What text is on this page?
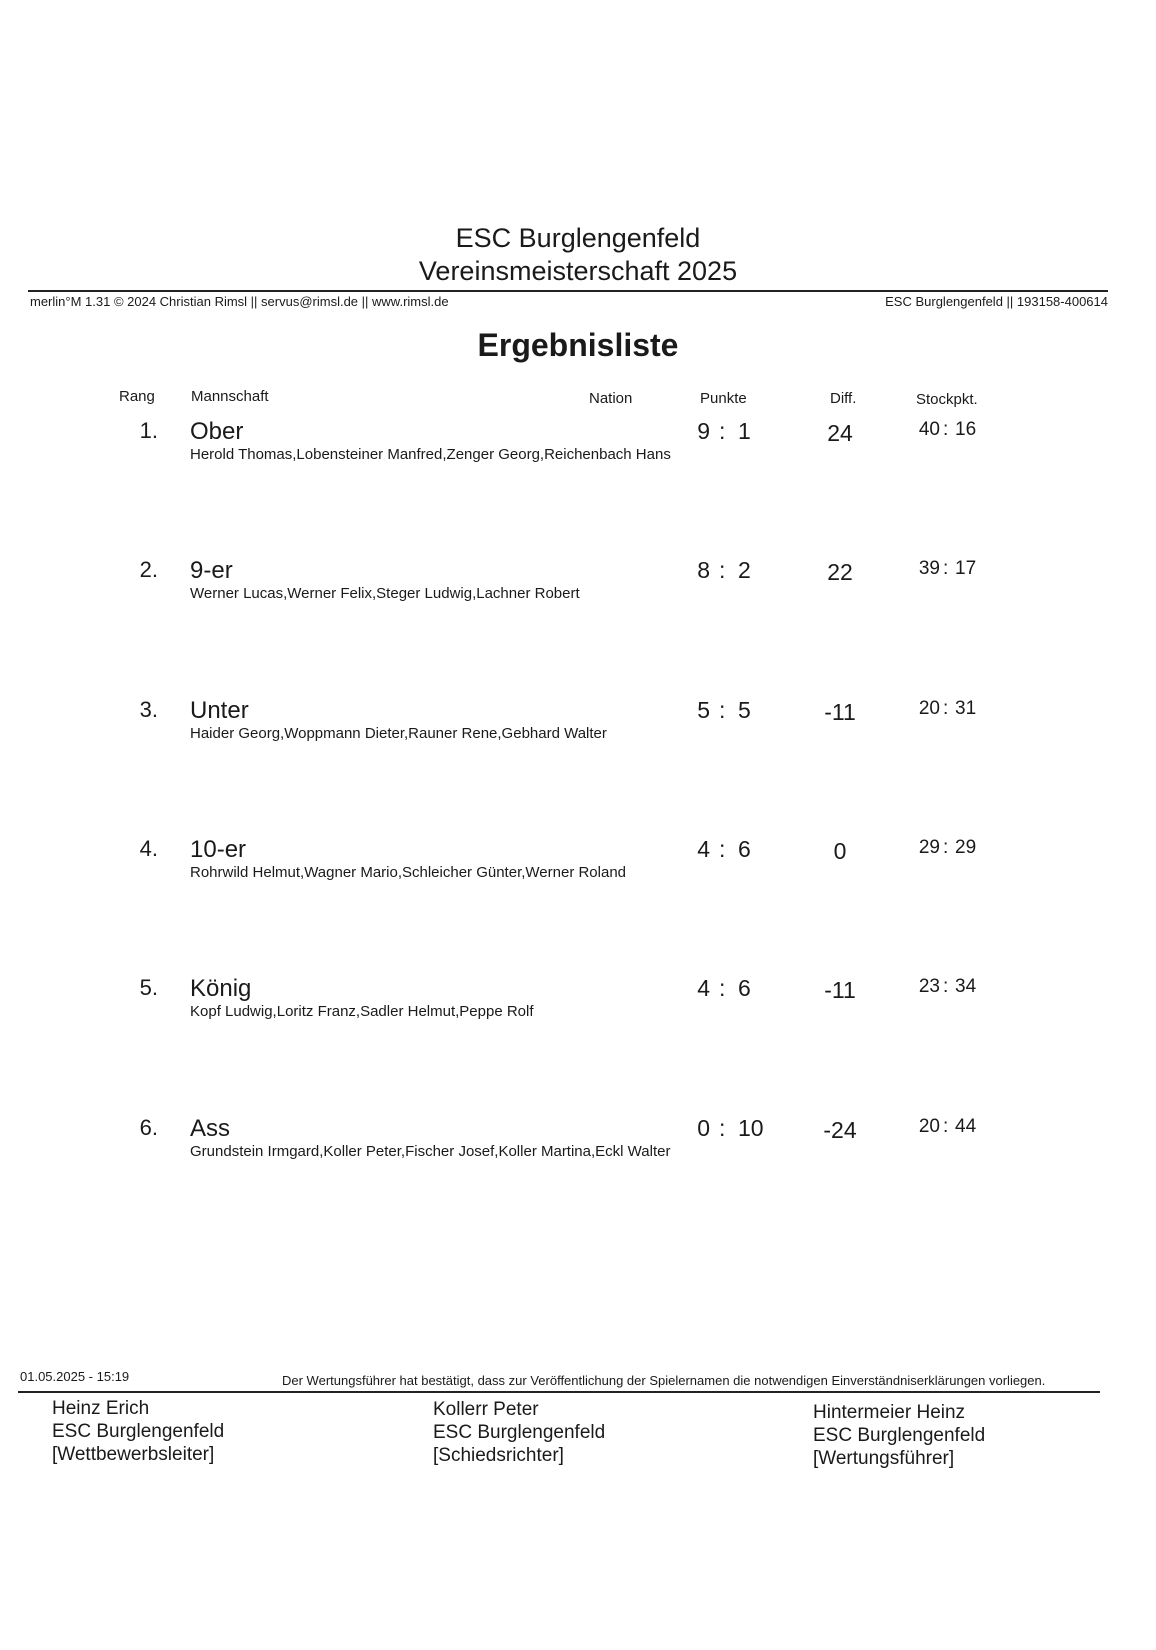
ESC Burglengenfeld
Vereinsmeisterschaft 2025
merlin°M 1.31 © 2024 Christian Rimsl || servus@rimsl.de || www.rimsl.de	ESC Burglengenfeld || 193158-400614
Ergebnisliste
Rang Mannschaft	Nation	Punkte	Diff.	Stockpkt.
1. Ober
Herold Thomas,Lobensteiner Manfred,Zenger Georg,Reichenbach Hans
9 : 1	24	40 : 16
2. 9-er
Werner Lucas,Werner Felix,Steger Ludwig,Lachner Robert
8 : 2	22	39 : 17
3. Unter
Haider Georg,Woppmann Dieter,Rauner Rene,Gebhard Walter
5 : 5	-11	20 : 31
4. 10-er
Rohrwild Helmut,Wagner Mario,Schleicher Günter,Werner Roland
4 : 6	0	29 : 29
5. König
Kopf Ludwig,Loritz Franz,Sadler Helmut,Peppe Rolf
4 : 6	-11	23 : 34
6. Ass
Grundstein Irmgard,Koller Peter,Fischer Josef,Koller Martina,Eckl Walter
0 : 10	-24	20 : 44
01.05.2025 - 15:19	Der Wertungsführer hat bestätigt, dass zur Veröffentlichung der Spielernamen die notwendigen Einverständniserklärungen vorliegen.
Heinz Erich
ESC Burglengenfeld
[Wettbewerbsleiter]
Kollerr Peter
ESC Burglengenfeld
[Schiedsrichter]
Hintermeier Heinz
ESC Burglengenfeld
[Wertungsführer]
